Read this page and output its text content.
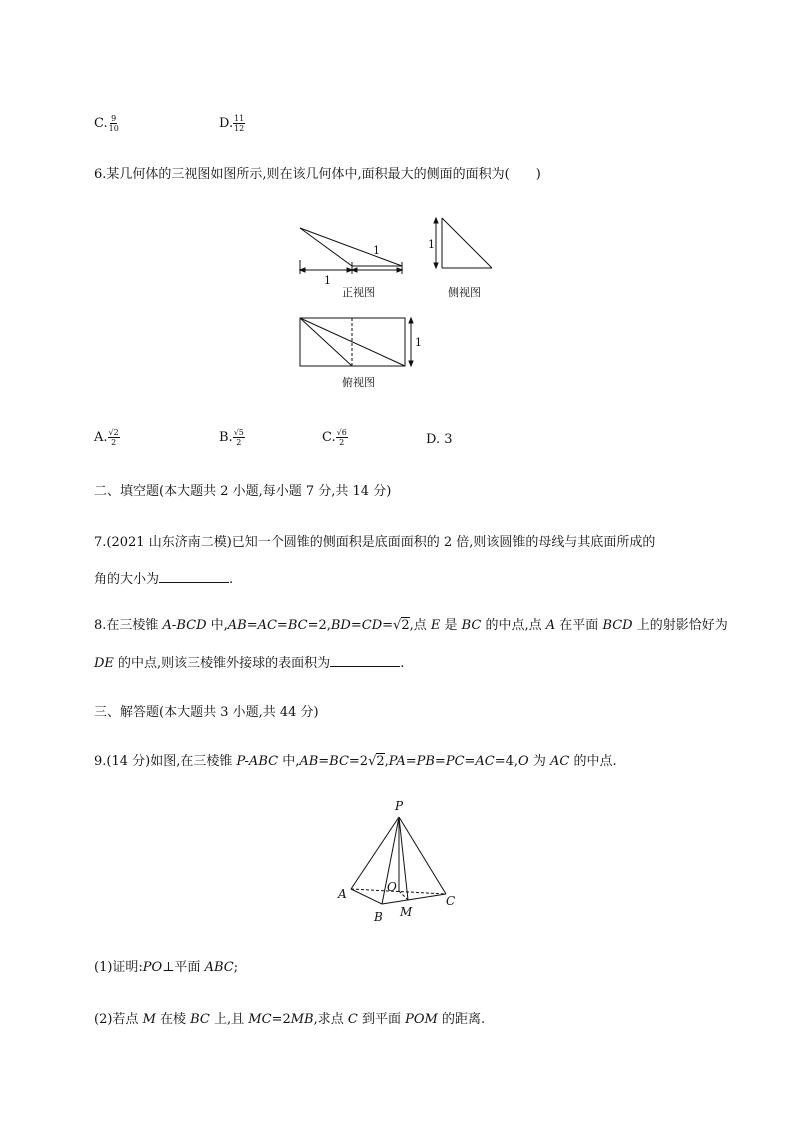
C. $\frac{9}{10}$	D. $\frac{11}{12}$
6.某几何体的三视图如图所示,则在该几何体中,面积最大的侧面的面积为(　　)
1
1
正视图
1
侧视图
1
俯视图
A. $\frac{√2}{2}$	B. $\frac{√5}{2}$	C. $\frac{√6}{2}$	D. 3
二、填空题(本大题共 2 小题,每小题 7 分,共 14 分)
7.(2021 山东济南二模)已知一个圆锥的侧面积是底面面积的 2 倍,则该圆锥的母线与其底面所成的
角的大小为	.
8.在三棱锥 A-BCD 中,AB=AC=BC=2,BD=CD=√2,点 E 是 BC 的中点,点 A 在平面 BCD 上的射影恰好为
DE 的中点,则该三棱锥外接球的表面积为	.
三、解答题(本大题共 3 小题,共 44 分)
9.(14 分)如图,在三棱锥 P-ABC 中,AB=BC=2√2,PA=PB=PC=AC=4,O 为 AC 的中点.
P
A
B
C
O
M
(1)证明:PO⊥平面 ABC;
(2)若点 M 在棱 BC 上,且 MC=2MB,求点 C 到平面 POM 的距离.
